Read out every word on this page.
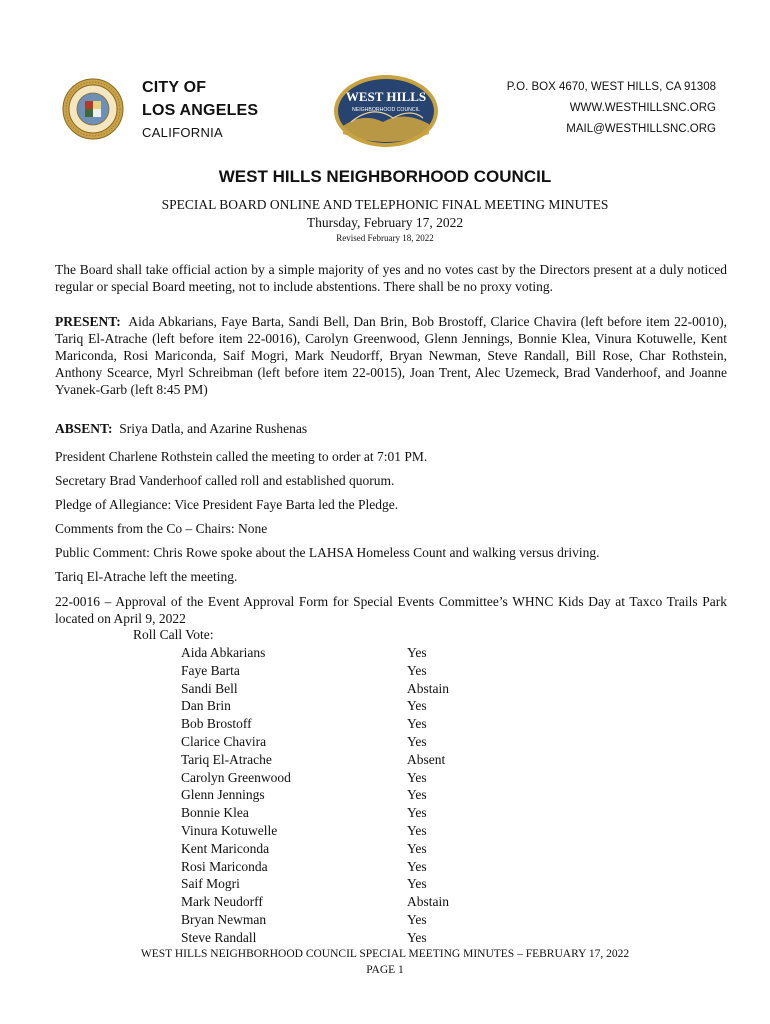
CITY OF
LOS ANGELES
CALIFORNIA
WEST HILLS
NEIGHBORHOOD COUNCIL
P.O. BOX 4670, WEST HILLS, CA 91308
WWW.WESTHILLSNC.ORG
MAIL@WESTHILLSNC.ORG
WEST HILLS NEIGHBORHOOD COUNCIL
SPECIAL BOARD ONLINE AND TELEPHONIC FINAL MEETING MINUTES
Thursday, February 17, 2022
Revised February 18, 2022
The Board shall take official action by a simple majority of yes and no votes cast by the Directors present at a duly noticed regular or special Board meeting, not to include abstentions. There shall be no proxy voting.
PRESENT: Aida Abkarians, Faye Barta, Sandi Bell, Dan Brin, Bob Brostoff, Clarice Chavira (left before item 22-0010), Tariq El-Atrache (left before item 22-0016), Carolyn Greenwood, Glenn Jennings, Bonnie Klea, Vinura Kotuwelle, Kent Mariconda, Rosi Mariconda, Saif Mogri, Mark Neudorff, Bryan Newman, Steve Randall, Bill Rose, Char Rothstein, Anthony Scearce, Myrl Schreibman (left before item 22-0015), Joan Trent, Alec Uzemeck, Brad Vanderhoof, and Joanne Yvanek-Garb (left 8:45 PM)
ABSENT: Sriya Datla, and Azarine Rushenas
President Charlene Rothstein called the meeting to order at 7:01 PM.
Secretary Brad Vanderhoof called roll and established quorum.
Pledge of Allegiance: Vice President Faye Barta led the Pledge.
Comments from the Co – Chairs: None
Public Comment: Chris Rowe spoke about the LAHSA Homeless Count and walking versus driving.
Tariq El-Atrache left the meeting.
22-0016 – Approval of the Event Approval Form for Special Events Committee’s WHNC Kids Day at Taxco Trails Park located on April 9, 2022
Roll Call Vote:
Aida Abkarians	Yes
Faye Barta	Yes
Sandi Bell	Abstain
Dan Brin	Yes
Bob Brostoff	Yes
Clarice Chavira	Yes
Tariq El-Atrache	Absent
Carolyn Greenwood	Yes
Glenn Jennings	Yes
Bonnie Klea	Yes
Vinura Kotuwelle	Yes
Kent Mariconda	Yes
Rosi Mariconda	Yes
Saif Mogri	Yes
Mark Neudorff	Abstain
Bryan Newman	Yes
Steve Randall	Yes
WEST HILLS NEIGHBORHOOD COUNCIL SPECIAL MEETING MINUTES – FEBRUARY 17, 2022
PAGE 1
